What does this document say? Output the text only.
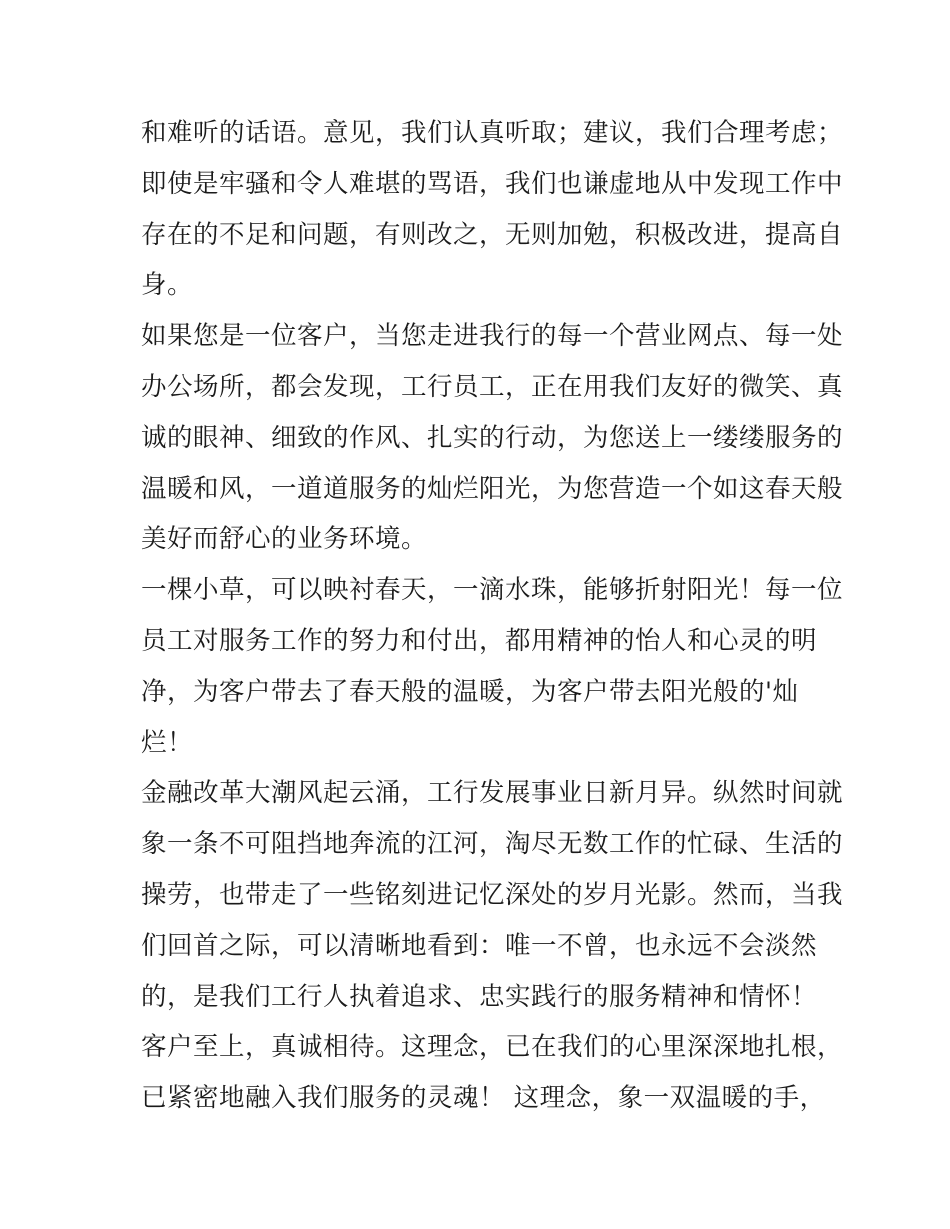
和难听的话语。意见，我们认真听取；建议，我们合理考虑；
即使是牢骚和令人难堪的骂语，我们也谦虚地从中发现工作中
存在的不足和问题，有则改之，无则加勉，积极改进，提高自
身。
如果您是一位客户，当您走进我行的每一个营业网点、每一处
办公场所，都会发现，工行员工，正在用我们友好的微笑、真
诚的眼神、细致的作风、扎实的行动，为您送上一缕缕服务的
温暖和风，一道道服务的灿烂阳光，为您营造一个如这春天般
美好而舒心的业务环境。
一棵小草，可以映衬春天，一滴水珠，能够折射阳光！每一位
员工对服务工作的努力和付出，都用精神的怡人和心灵的明
净，为客户带去了春天般的温暖，为客户带去阳光般的'灿
烂！
金融改革大潮风起云涌，工行发展事业日新月异。纵然时间就
象一条不可阻挡地奔流的江河，淘尽无数工作的忙碌、生活的
操劳，也带走了一些铭刻进记忆深处的岁月光影。然而，当我
们回首之际，可以清晰地看到：唯一不曾，也永远不会淡然
的，是我们工行人执着追求、忠实践行的服务精神和情怀！
客户至上，真诚相待。这理念，已在我们的心里深深地扎根，
已紧密地融入我们服务的灵魂！ 这理念，象一双温暖的手，
